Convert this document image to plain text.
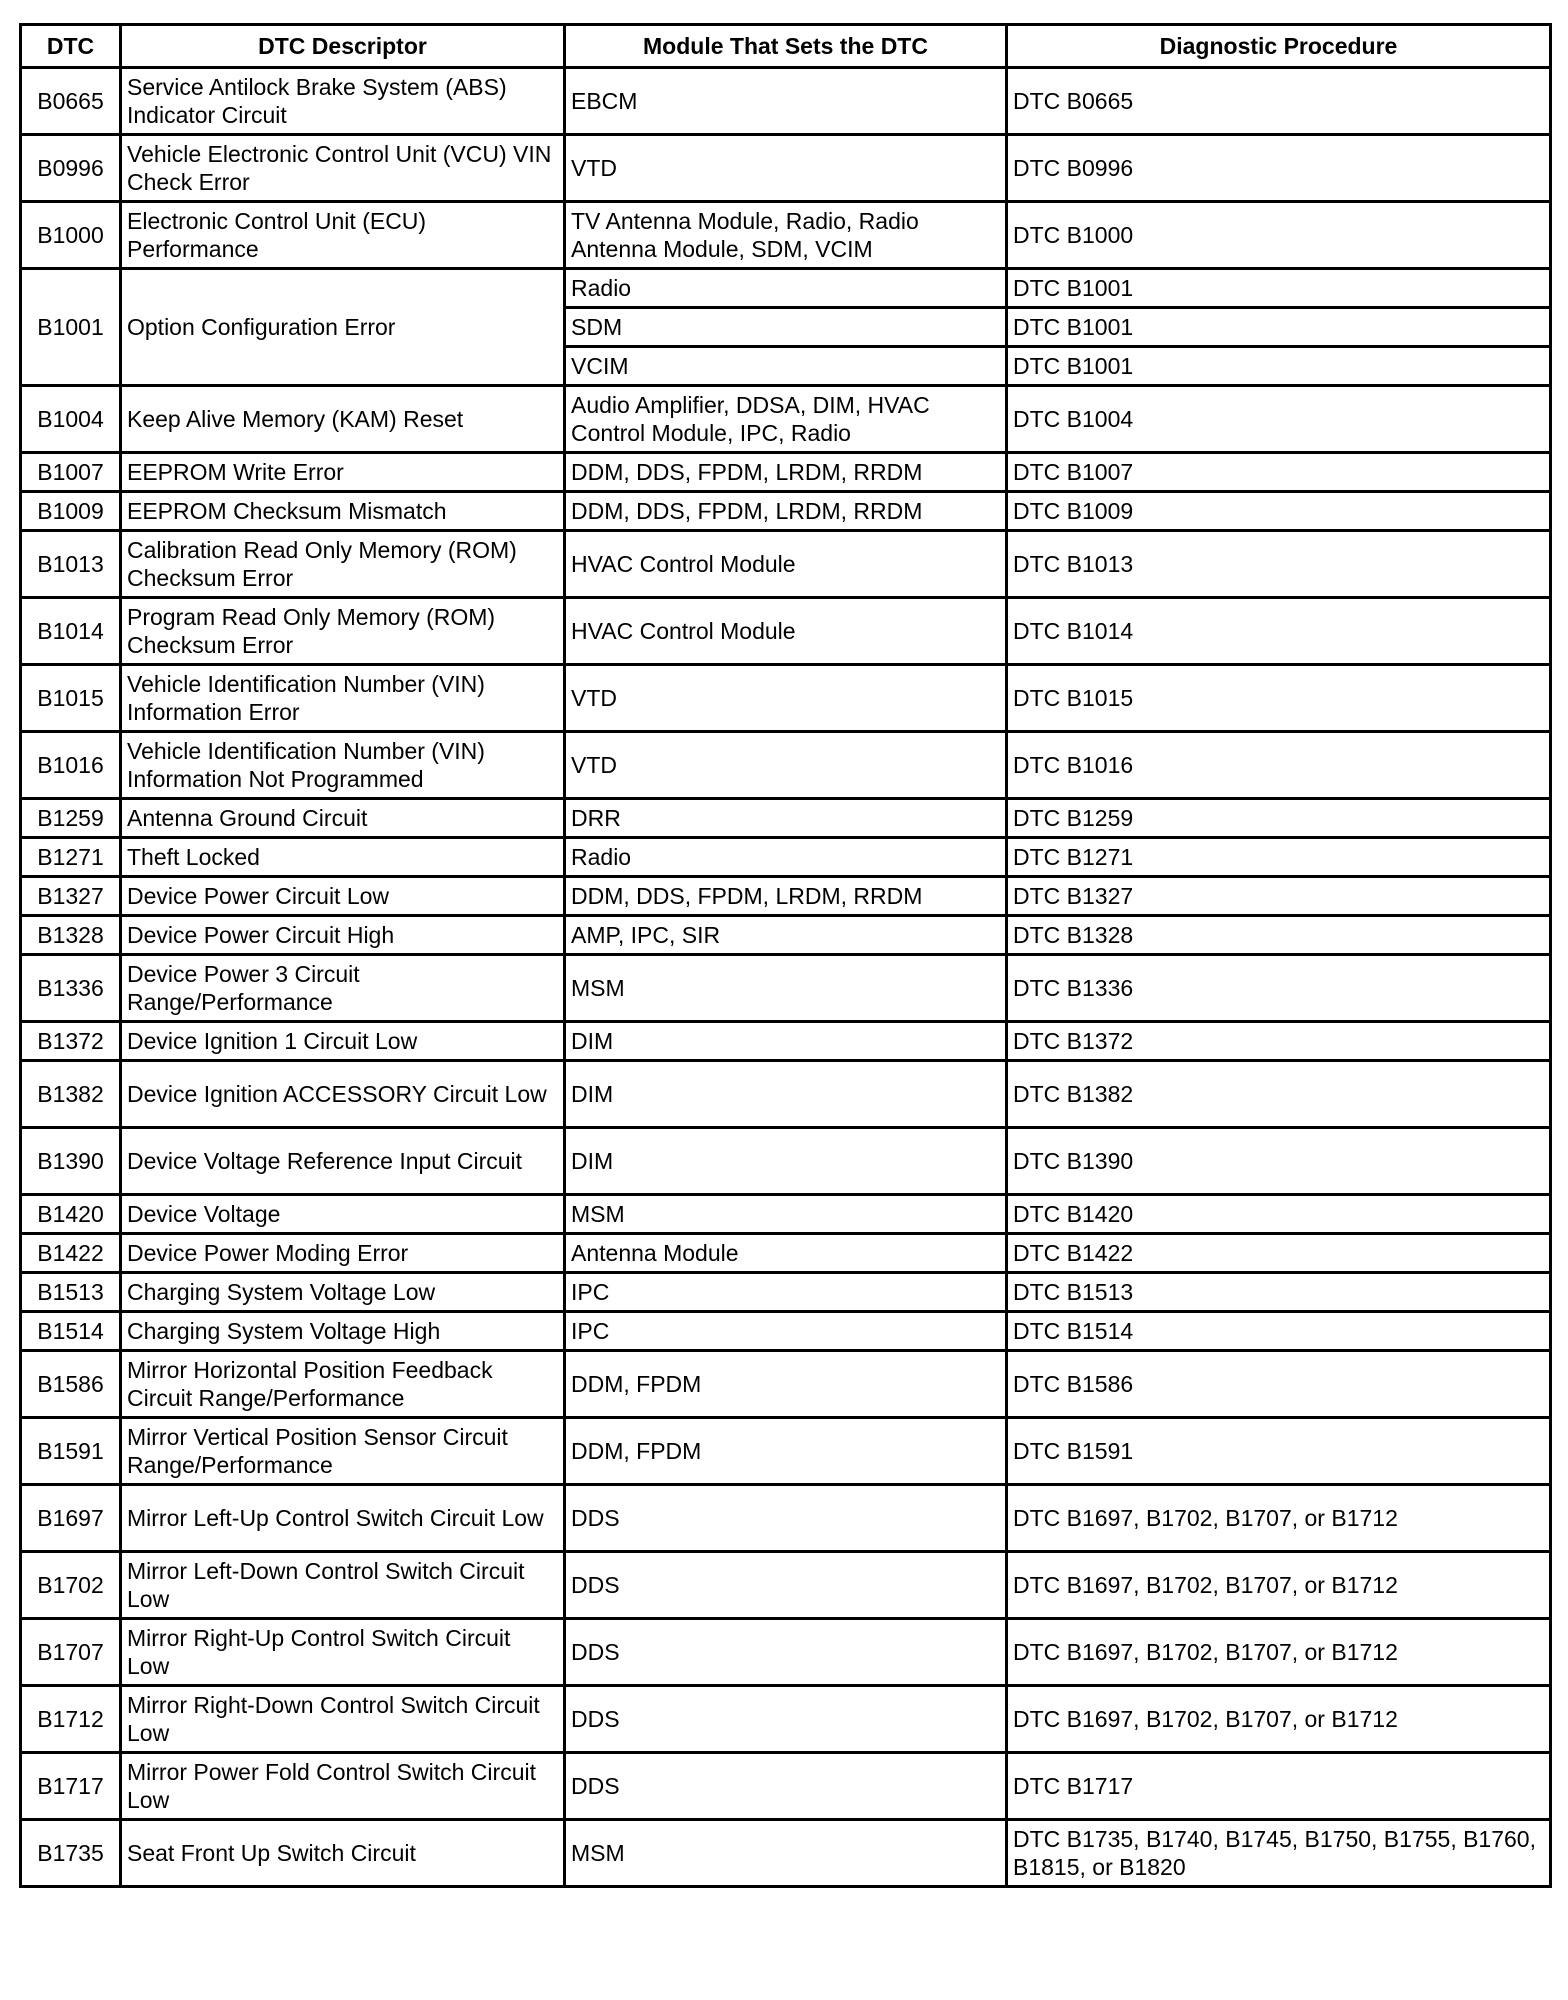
DTC	DTC Descriptor	Module That Sets the DTC	Diagnostic Procedure
B0665	Service Antilock Brake System (ABS) Indicator Circuit	EBCM	DTC B0665
B0996	Vehicle Electronic Control Unit (VCU) VIN Check Error	VTD	DTC B0996
B1000	Electronic Control Unit (ECU) Performance	TV Antenna Module, Radio, Radio Antenna Module, SDM, VCIM	DTC B1000
B1001	Option Configuration Error	Radio	DTC B1001
		SDM	DTC B1001
		VCIM	DTC B1001
B1004	Keep Alive Memory (KAM) Reset	Audio Amplifier, DDSA, DIM, HVAC Control Module, IPC, Radio	DTC B1004
B1007	EEPROM Write Error	DDM, DDS, FPDM, LRDM, RRDM	DTC B1007
B1009	EEPROM Checksum Mismatch	DDM, DDS, FPDM, LRDM, RRDM	DTC B1009
B1013	Calibration Read Only Memory (ROM) Checksum Error	HVAC Control Module	DTC B1013
B1014	Program Read Only Memory (ROM) Checksum Error	HVAC Control Module	DTC B1014
B1015	Vehicle Identification Number (VIN) Information Error	VTD	DTC B1015
B1016	Vehicle Identification Number (VIN) Information Not Programmed	VTD	DTC B1016
B1259	Antenna Ground Circuit	DRR	DTC B1259
B1271	Theft Locked	Radio	DTC B1271
B1327	Device Power Circuit Low	DDM, DDS, FPDM, LRDM, RRDM	DTC B1327
B1328	Device Power Circuit High	AMP, IPC, SIR	DTC B1328
B1336	Device Power 3 Circuit Range/Performance	MSM	DTC B1336
B1372	Device Ignition 1 Circuit Low	DIM	DTC B1372
B1382	Device Ignition ACCESSORY Circuit Low	DIM	DTC B1382
B1390	Device Voltage Reference Input Circuit	DIM	DTC B1390
B1420	Device Voltage	MSM	DTC B1420
B1422	Device Power Moding Error	Antenna Module	DTC B1422
B1513	Charging System Voltage Low	IPC	DTC B1513
B1514	Charging System Voltage High	IPC	DTC B1514
B1586	Mirror Horizontal Position Feedback Circuit Range/Performance	DDM, FPDM	DTC B1586
B1591	Mirror Vertical Position Sensor Circuit Range/Performance	DDM, FPDM	DTC B1591
B1697	Mirror Left-Up Control Switch Circuit Low	DDS	DTC B1697, B1702, B1707, or B1712
B1702	Mirror Left-Down Control Switch Circuit Low	DDS	DTC B1697, B1702, B1707, or B1712
B1707	Mirror Right-Up Control Switch Circuit Low	DDS	DTC B1697, B1702, B1707, or B1712
B1712	Mirror Right-Down Control Switch Circuit Low	DDS	DTC B1697, B1702, B1707, or B1712
B1717	Mirror Power Fold Control Switch Circuit Low	DDS	DTC B1717
B1735	Seat Front Up Switch Circuit	MSM	DTC B1735, B1740, B1745, B1750, B1755, B1760, B1815, or B1820
